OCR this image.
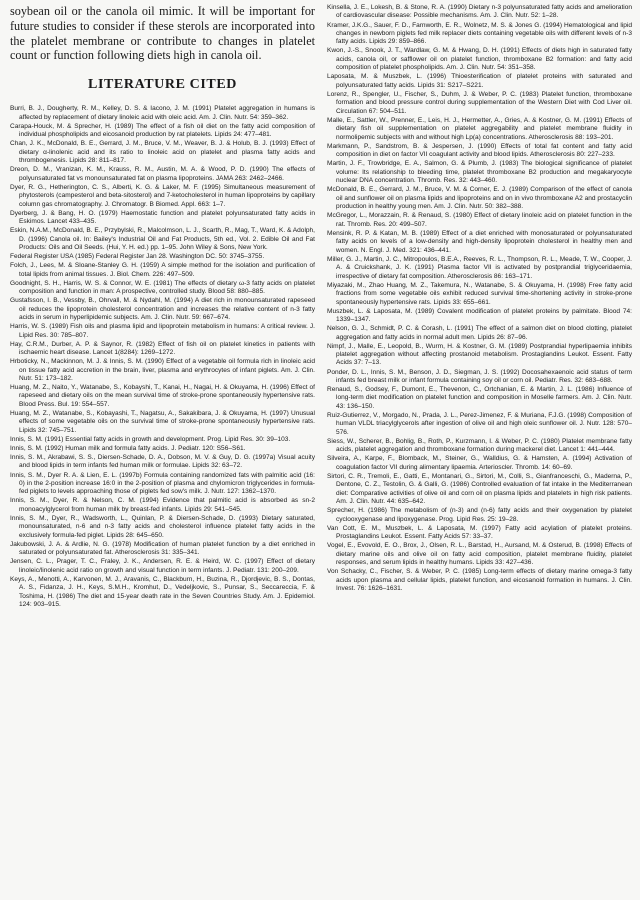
soybean oil or the canola oil mimic. It will be important for future studies to consider if these sterols are incorporated into the platelet membrane or contribute to changes in platelet count or function following diets high in canola oil.

LITERATURE CITED
Burri, B. J., Dougherty, R. M., Kelley, D. S. & Iacono, J. M. (1991) Platelet aggregation in humans is affected by replacement of dietary linoleic acid with oleic acid. Am. J. Clin. Nutr. 54: 359–362.
Carapa-Houck, M. & Sprecher, H. (1989) The effect of a fish oil diet on the fatty acid composition of individual phospholipids and eicosanoid production by rat platelets. Lipids 24: 477–481.
Chan, J. K., McDonald, B. E., Gerrard, J. M., Bruce, V. M., Weaver, B. J. & Holub, B. J. (1993) Effect of dietary α-linolenic acid and its ratio to linoleic acid on platelet and plasma fatty acids and thrombogenesis. Lipids 28: 811–817.
Dreon, D. M., Vranizan, K. M., Krauss, R. M., Austin, M. A. & Wood, P. D. (1990) The effects of polyunsaturated fat vs monounsaturated fat on plasma lipoproteins. JAMA 263: 2462–2466.
Dyer, R. G., Hetherington, C. S., Alberti, K. G. & Laker, M. F. (1995) Simultaneous measurement of phytosterols (campesterol and beta-sitosterol) and 7-ketocholesterol in human lipoproteins by capillary column gas chromatography. J. Chromatogr. B Biomed. Appl. 663: 1–7.
Dyerberg, J. & Bang, H. O. (1979) Haemostatic function and platelet polyunsaturated fatty acids in Eskimos. Lancet 433–435.
Eskin, N.A.M., McDonald, B. E., Przybylski, R., Malcolmson, L. J., Scarth, R., Mag, T., Ward, K. & Adolph, D. (1996) Canola oil. In: Bailey's Industrial Oil and Fat Products, 5th ed., Vol. 2. Edible Oil and Fat Products: Oils and Oil Seeds. (Hui, Y. H. ed.) pp. 1–95. John Wiley & Sons, New York.
Federal Register USA (1985) Federal Register Jan 28. Washington DC. 50: 3745–3755.
Folch, J., Lees, M. & Sloane-Stanley G. H. (1959) A simple method for the isolation and purification of total lipids from animal tissues. J. Biol. Chem. 226: 497–509.
Goodnight, S. H., Harris, W. S. & Connor, W. E. (1981) The effects of dietary ω-3 fatty acids on platelet composition and function in man: A prospective, controlled study. Blood 58: 880–885.
Gustafsson, I. B., Vessby, B., Ohrvall, M. & Nydahl, M. (1994) A diet rich in monounsaturated rapeseed oil reduces the lipoprotein cholesterol concentration and increases the relative content of n-3 fatty acids in serum in hyperlipidemic subjects. Am. J. Clin. Nutr. 59: 667–674.
Harris, W. S. (1989) Fish oils and plasma lipid and lipoprotein metabolism in humans: A critical review. J. Lipid Res. 30: 785–807.
Hay, C.R.M., Durber, A. P. & Saynor, R. (1982) Effect of fish oil on platelet kinetics in patients with ischaemic heart disease. Lancet 1(8284): 1269–1272.
Hrboticky, N., Mackinnon, M. J. & Innis, S. M. (1990) Effect of a vegetable oil formula rich in linoleic acid on tissue fatty acid accretion in the brain, liver, plasma and erythrocytes of infant piglets. Am. J. Clin. Nutr. 51: 173–182.
Huang, M. Z., Naito, Y., Watanabe, S., Kobayshi, T., Kanai, H., Nagai, H. & Okuyama, H. (1996) Effect of rapeseed and dietary oils on the mean survival time of stroke-prone spontaneously hypertensive rats. Blood Press. Bul. 19: 554–557.
Huang, M. Z., Watanabe, S., Kobayashi, T., Nagatsu, A., Sakakibara, J. & Okuyama, H. (1997) Unusual effects of some vegetable oils on the survival time of stroke-prone spontaneously hypertensive rats. Lipids 32: 745–751.
Innis, S. M. (1991) Essential fatty acids in growth and development. Prog. Lipid Res. 30: 39–103.
Innis, S. M. (1992) Human milk and formula fatty acids. J. Pediatr. 120: S56–S61.
Innis, S. M., Akrabawi, S. S., Diersen-Schade, D. A., Dobson, M. V. & Guy, D. G. (1997a) Visual acuity and blood lipids in term infants fed human milk or formulae. Lipids 32: 63–72.
Innis, S. M., Dyer R. A. & Lien, E. L. (1997b) Formula containing randomized fats with palmitic acid (16: 0) in the 2-position increase 16:0 in the 2-position of plasma and chylomicron triglycerides in formula-fed piglets to levels approaching those of piglets fed sow's milk. J. Nutr. 127: 1362–1370.
Innis, S. M., Dyer, R. & Nelson, C. M. (1994) Evidence that palmitic acid is absorbed as sn-2 monoacylglycerol from human milk by breast-fed infants. Lipids 29: 541–545.
Innis, S. M., Dyer, R., Wadsworth, L., Quinlan, P. & Diersen-Schade, D. (1993) Dietary saturated, monounsaturated, n-6 and n-3 fatty acids and cholesterol influence platelet fatty acids in the exclusively formula-fed piglet. Lipids 28: 645–650.
Jakubowski, J. A. & Ardlie, N. G. (1978) Modification of human platelet function by a diet enriched in saturated or polyunsaturated fat. Atherosclerosis 31: 335–341.
Jensen, C. L., Prager, T. C., Fraley, J. K., Andersen, R. E. & Heird, W. C. (1997) Effect of dietary linoleic/linolenic acid ratio on growth and visual function in term infants. J. Pediatr. 131: 200–209.
Keys, A., Menotti, A., Karvonen, M. J., Aravanis, C., Blackburn, H., Buzina, R., Djordjevic, B. S., Dontas, A. S., Fidanza, J. H., Keys, S.M.H., Kromhut, D., Vedeljkovic, S., Punsar, S., Seccareccia, F. & Toshima, H. (1986) The diet and 15-year death rate in the Seven Countries Study. Am. J. Epidemiol. 124: 903–915.
Kinsella, J. E., Lokesh, B. & Stone, R. A. (1990) Dietary n-3 polyunsaturated fatty acids and amelioration of cardiovascular disease: Possible mechanisms. Am. J. Clin. Nutr. 52: 1–28.
Kramer, J.K.G., Sauer, F. D., Farnworth, E. R., Wolnetz, M. S. & Jones G. (1994) Hematological and lipid changes in newborn piglets fed milk replacer diets containing vegetable oils with different levels of n-3 fatty acids. Lipids 29: 859–866.
Kwon, J.-S., Snook, J. T., Wardlaw, G. M. & Hwang, D. H. (1991) Effects of diets high in saturated fatty acids, canola oil, or safflower oil on platelet function, thromboxane B2 formation: and fatty acid composition of platelet phospholipids. Am. J. Clin. Nutr. 54: 351–358.
Laposata, M. & Muszbek, L. (1996) Thioesterification of platelet proteins with saturated and polyunsaturated fatty acids. Lipids 31: S217–S221.
Lorenz, R., Spengler, U., Fischer, S., Duhm, J. & Weber, P. C. (1983) Platelet function, thromboxane formation and blood pressure control during supplementation of the Western Diet with Cod Liver oil. Circulation 67: 504–511.
Malle, E., Sattler, W., Prenner, E., Leis, H. J., Hermetter, A., Gries, A. & Kostner, G. M. (1991) Effects of dietary fish oil supplementation on platelet aggregability and platelet membrane fluidity in normolipemic subjects with and without high Lp(a) concentrations. Atherosclerosis 88: 193–201.
Markmann, P., Sandstrom, B. & Jespersen, J. (1990) Effects of total fat content and fatty acid composition in diet on factor VII coagulant activity and blood lipids. Atherosclerosis 80: 227–233.
Martin, J. F., Trowbridge, E. A., Salmon, G. & Plumb, J. (1983) The biological significance of platelet volume: Its relationship to bleeding time, platelet thromboxane B2 production and megakaryocyte nuclear DNA concentration. Thromb. Res. 32: 443–460.
McDonald, B. E., Gerrard, J. M., Bruce, V. M. & Corner, E. J. (1989) Comparison of the effect of canola oil and sunflower oil on plasma lipids and lipoproteins and on in vivo thromboxane A2 and prostacyclin production in healthy young men. Am. J. Clin. Nutr. 50: 382–388.
McGregor, L., Morazzain, R. & Renaud, S. (1980) Effect of dietary linoleic acid on platelet function in the rat. Thromb. Res. 20: 499–507.
Mensink, R. P. & Katan, M. B. (1989) Effect of a diet enriched with monosaturated or polyunsaturated fatty acids on levels of a low-density and high-density lipoprotein cholesterol in healthy men and women. N. Engl. J. Med. 321: 436–441.
Miller, G. J., Martin, J. C., Mitropoulos, B.E.A., Reeves, R. L., Thompson, R. L., Meade, T. W., Cooper, J. A. & Cruickshank, J. K. (1991) Plasma factor VII is activated by postprandial triglyceridaemia, irrespective of dietary fat composition. Atherosclerosis 86: 163–171.
Miyazaki, M., Zhao Huang, M. Z., Takemura, N., Watanabe, S. & Okuyama, H. (1998) Free fatty acid fractions from some vegetable oils exhibit reduced survival time-shortening activity in stroke-prone spontaneously hypertensive rats. Lipids 33: 655–661.
Muszbek, L. & Laposata, M. (1989) Covalent modification of platelet proteins by palmitate. Blood 74: 1339–1347.
Nelson, G. J., Schmidt, P. C. & Corash, L. (1991) The effect of a salmon diet on blood clotting, platelet aggregation and fatty acids in normal adult men. Lipids 26: 87–96.
Nimpf, J., Malle, E., Leopold, B., Wurm, H. & Kostner, G. M. (1989) Postprandial hyperlipaemia inhibits platelet aggregation without affecting prostanoid metabolism. Prostaglandins Leukot. Essent. Fatty Acids 37: 7–13.
Ponder, D. L., Innis, S. M., Benson, J. D., Siegman, J. S. (1992) Docosahexaenoic acid status of term infants fed breast milk or infant formula containing soy oil or corn oil. Pediatr. Res. 32: 683–688.
Renaud, S., Godsey, F., Dumont, E., Thevenon, C., Ortchanian, E. & Martin, J. L. (1986) Influence of long-term diet modification on platelet function and composition in Moselle farmers. Am. J. Clin. Nutr. 43: 136–150.
Ruiz-Gutierrez, V., Morgado, N., Prada, J. L., Perez-Jimenez, F. & Muriana, F.J.G. (1998) Composition of human VLDL triacylglycerols after ingestion of olive oil and high oleic sunflower oil. J. Nutr. 128: 570–576.
Siess, W., Scherer, B., Bohlig, B., Roth, P., Kurzmann, I. & Weber, P. C. (1980) Platelet membrane fatty acids, platelet aggregation and thromboxane formation during mackerel diet. Lancet 1: 441–444.
Silveira, A., Karpe, F., Blomback, M., Steiner, G., Walldius, G. & Hamsten, A. (1994) Activation of coagulation factor VII during alimentary lipaemia. Arterioscler. Thromb. 14: 60–69.
Sirtori, C. R., Tremoli, E., Gatti, E., Montanari, G., Sirtori, M., Colli, S., Gianfranceschi, G., Maderna, P., Dentone, C. Z., Testolin, G. & Galli, G. (1986) Controlled evaluation of fat intake in the Mediterranean diet: Comparative activities of olive oil and corn oil on plasma lipids and platelets in high risk patients. Am. J. Clin. Nutr. 44: 635–642.
Sprecher, H. (1986) The metabolism of (n-3) and (n-6) fatty acids and their oxygenation by platelet cyclooxygenase and lipoxygenase. Prog. Lipid Res. 25: 19–28.
Van Cott, E. M., Muszbek, L. & Laposata, M. (1997) Fatty acid acylation of platelet proteins. Prostaglandins Leukot. Essent. Fatty Acids 57: 33–37.
Vogel, E., Evovold, E. O., Brox, J., Olsen, R. L., Barstad, H., Aursand, M. & Osterud, B. (1998) Effects of dietary marine oils and olive oil on fatty acid composition, platelet membrane fluidity, platelet responses, and serum lipids in healthy humans. Lipids 33: 427–436.
Von Schacky, C., Fischer, S. & Weber, P. C. (1985) Long-term effects of dietary marine omega-3 fatty acids upon plasma and cellular lipids, platelet function, and eicosanoid formation in humans. J. Clin. Invest. 76: 1626–1631.
